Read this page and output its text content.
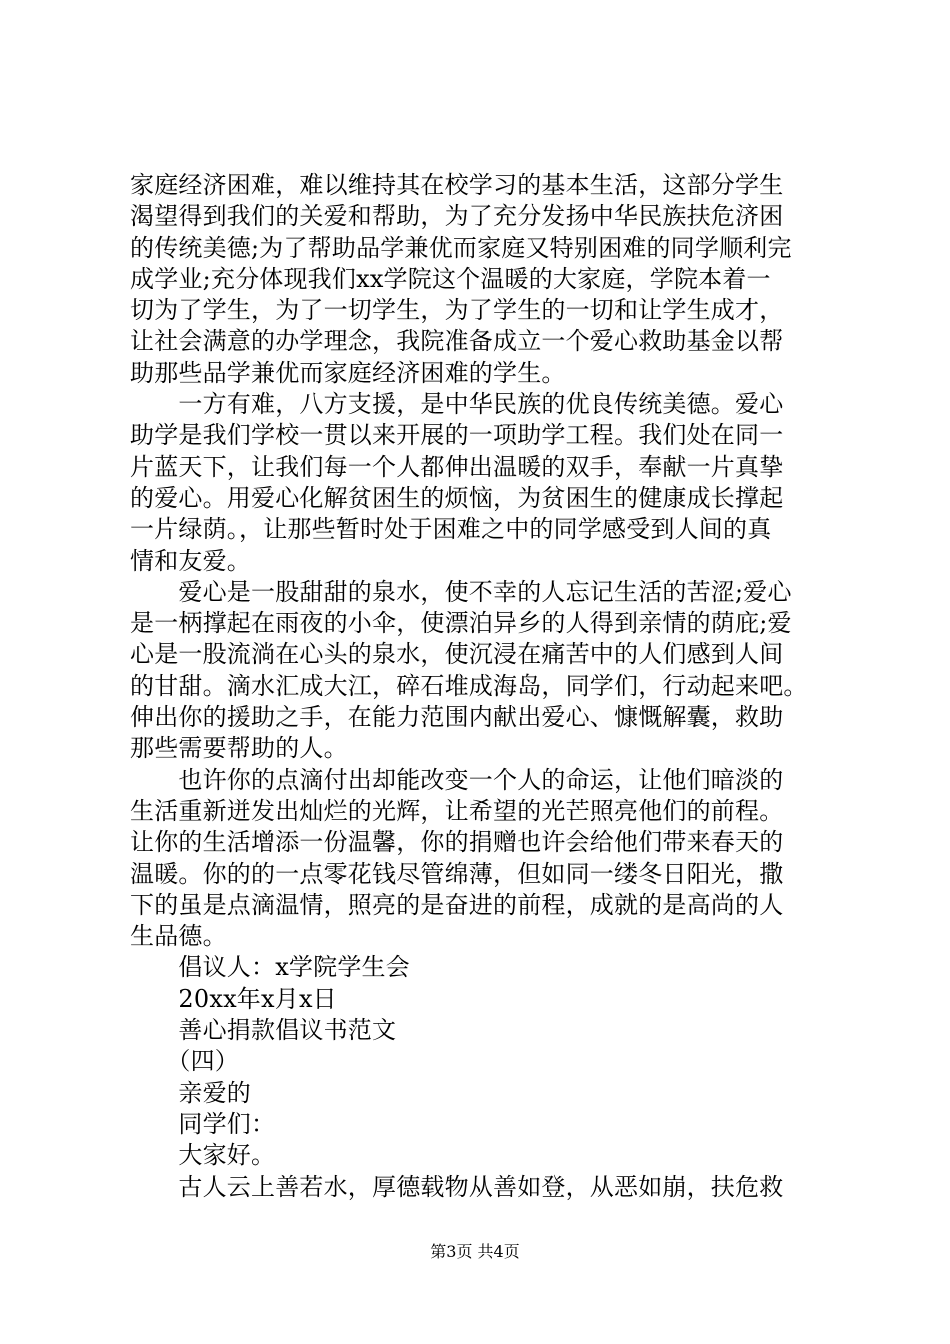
家庭经济困难，难以维持其在校学习的基本生活，这部分学生
渴望得到我们的关爱和帮助，为了充分发扬中华民族扶危济困
的传统美德;为了帮助品学兼优而家庭又特别困难的同学顺利完
成学业;充分体现我们xx学院这个温暖的大家庭，学院本着一
切为了学生，为了一切学生，为了学生的一切和让学生成才，
让社会满意的办学理念，我院准备成立一个爱心救助基金以帮
助那些品学兼优而家庭经济困难的学生。
　　一方有难，八方支援，是中华民族的优良传统美德。爱心
助学是我们学校一贯以来开展的一项助学工程。我们处在同一
片蓝天下，让我们每一个人都伸出温暖的双手，奉献一片真挚
的爱心。用爱心化解贫困生的烦恼，为贫困生的健康成长撑起
一片绿荫。，让那些暂时处于困难之中的同学感受到人间的真
情和友爱。
　　爱心是一股甜甜的泉水，使不幸的人忘记生活的苦涩;爱心
是一柄撑起在雨夜的小伞，使漂泊异乡的人得到亲情的荫庇;爱
心是一股流淌在心头的泉水，使沉浸在痛苦中的人们感到人间
的甘甜。滴水汇成大江，碎石堆成海岛，同学们，行动起来吧。
伸出你的援助之手，在能力范围内献出爱心、慷慨解囊，救助
那些需要帮助的人。
　　也许你的点滴付出却能改变一个人的命运，让他们暗淡的
生活重新迸发出灿烂的光辉，让希望的光芒照亮他们的前程。
让你的生活增添一份温馨，你的捐赠也许会给他们带来春天的
温暖。你的的一点零花钱尽管绵薄，但如同一缕冬日阳光，撒
下的虽是点滴温情，照亮的是奋进的前程，成就的是高尚的人
生品德。
　　倡议人：x学院学生会
　　20xx年x月x日
　　善心捐款倡议书范文
　　（四）
　　亲爱的
　　同学们：
　　大家好。
　　古人云上善若水，厚德载物从善如登，从恶如崩，扶危救
第3页 共4页
